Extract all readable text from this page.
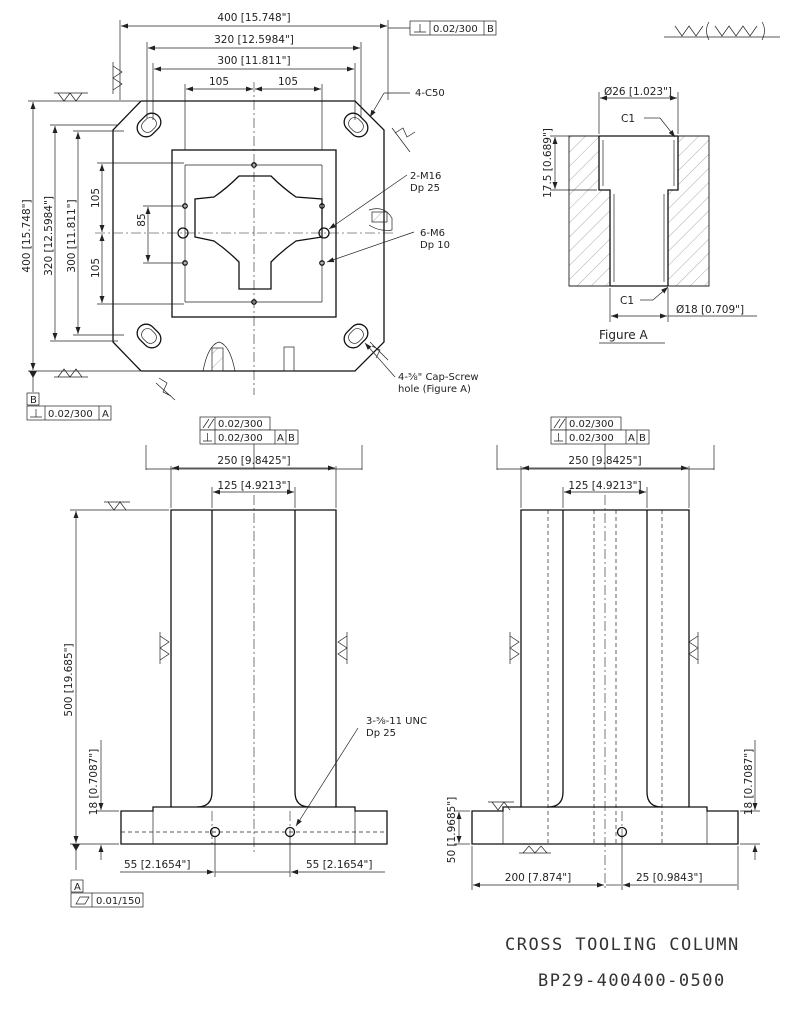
400 [15.748"]
320 [12.5984"]
300 [11.811"]
105	105
400 [15.748"] 320 [12.5984"] 300 [11.811"]
105
105
85
4-C50
2-M16
Dp 25
6-M6
Dp 10
4-⅝" Cap-Screw
hole (Figure A)
0.02/300 B
B
0.02/300 A
Ø26 [1.023"]
17.5 [0.689"]
C1
C1
Ø18 [0.709"]
Figure A
250 [9.8425"]
125 [4.9213"]
500 [19.685"]
18 [0.7087"]
55 [2.1654"]	55 [2.1654"]
3-⅝-11 UNC
Dp 25
0.02/300
0.02/300 A B
A
0.01/150
250 [9.8425"]
125 [4.9213"]
18 [0.7087"]
50 [1.9685"]
200 [7.874"]	25 [0.9843"]
0.02/300
0.02/300 A B
CROSS TOOLING COLUMN
BP29-400400-0500
